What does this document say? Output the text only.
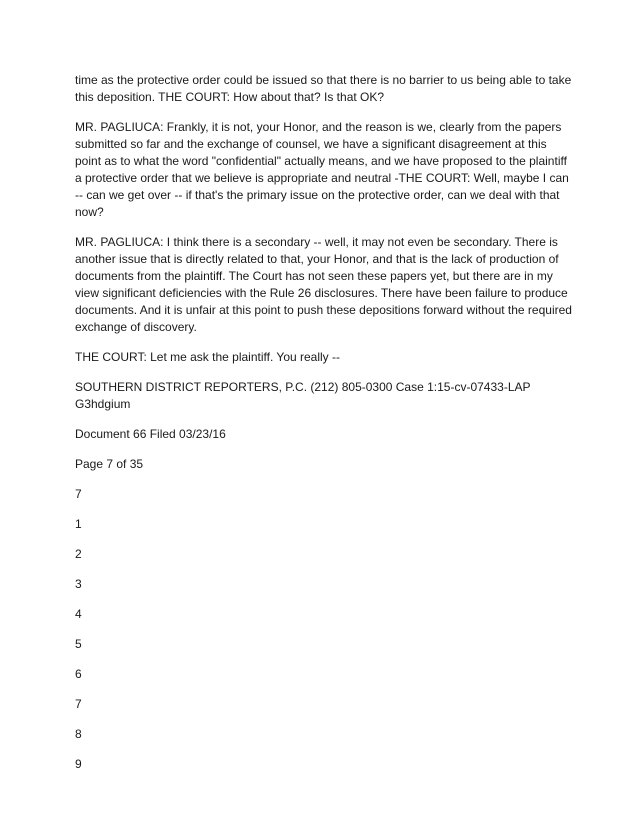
time as the protective order could be issued so that there is no barrier to us being able to take this deposition. THE COURT: How about that? Is that OK?

MR. PAGLIUCA: Frankly, it is not, your Honor, and the reason is we, clearly from the papers submitted so far and the exchange of counsel, we have a significant disagreement at this point as to what the word "confidential" actually means, and we have proposed to the plaintiff a protective order that we believe is appropriate and neutral -THE COURT: Well, maybe I can -- can we get over -- if that's the primary issue on the protective order, can we deal with that now?

MR. PAGLIUCA: I think there is a secondary -- well, it may not even be secondary. There is another issue that is directly related to that, your Honor, and that is the lack of production of documents from the plaintiff. The Court has not seen these papers yet, but there are in my view significant deficiencies with the Rule 26 disclosures. There have been failure to produce documents. And it is unfair at this point to push these depositions forward without the required exchange of discovery.

THE COURT: Let me ask the plaintiff. You really --

SOUTHERN DISTRICT REPORTERS, P.C. (212) 805-0300 Case 1:15-cv-07433-LAP G3hdgium

Document 66 Filed 03/23/16

Page 7 of 35

7

1

2

3

4

5

6

7

8

9
